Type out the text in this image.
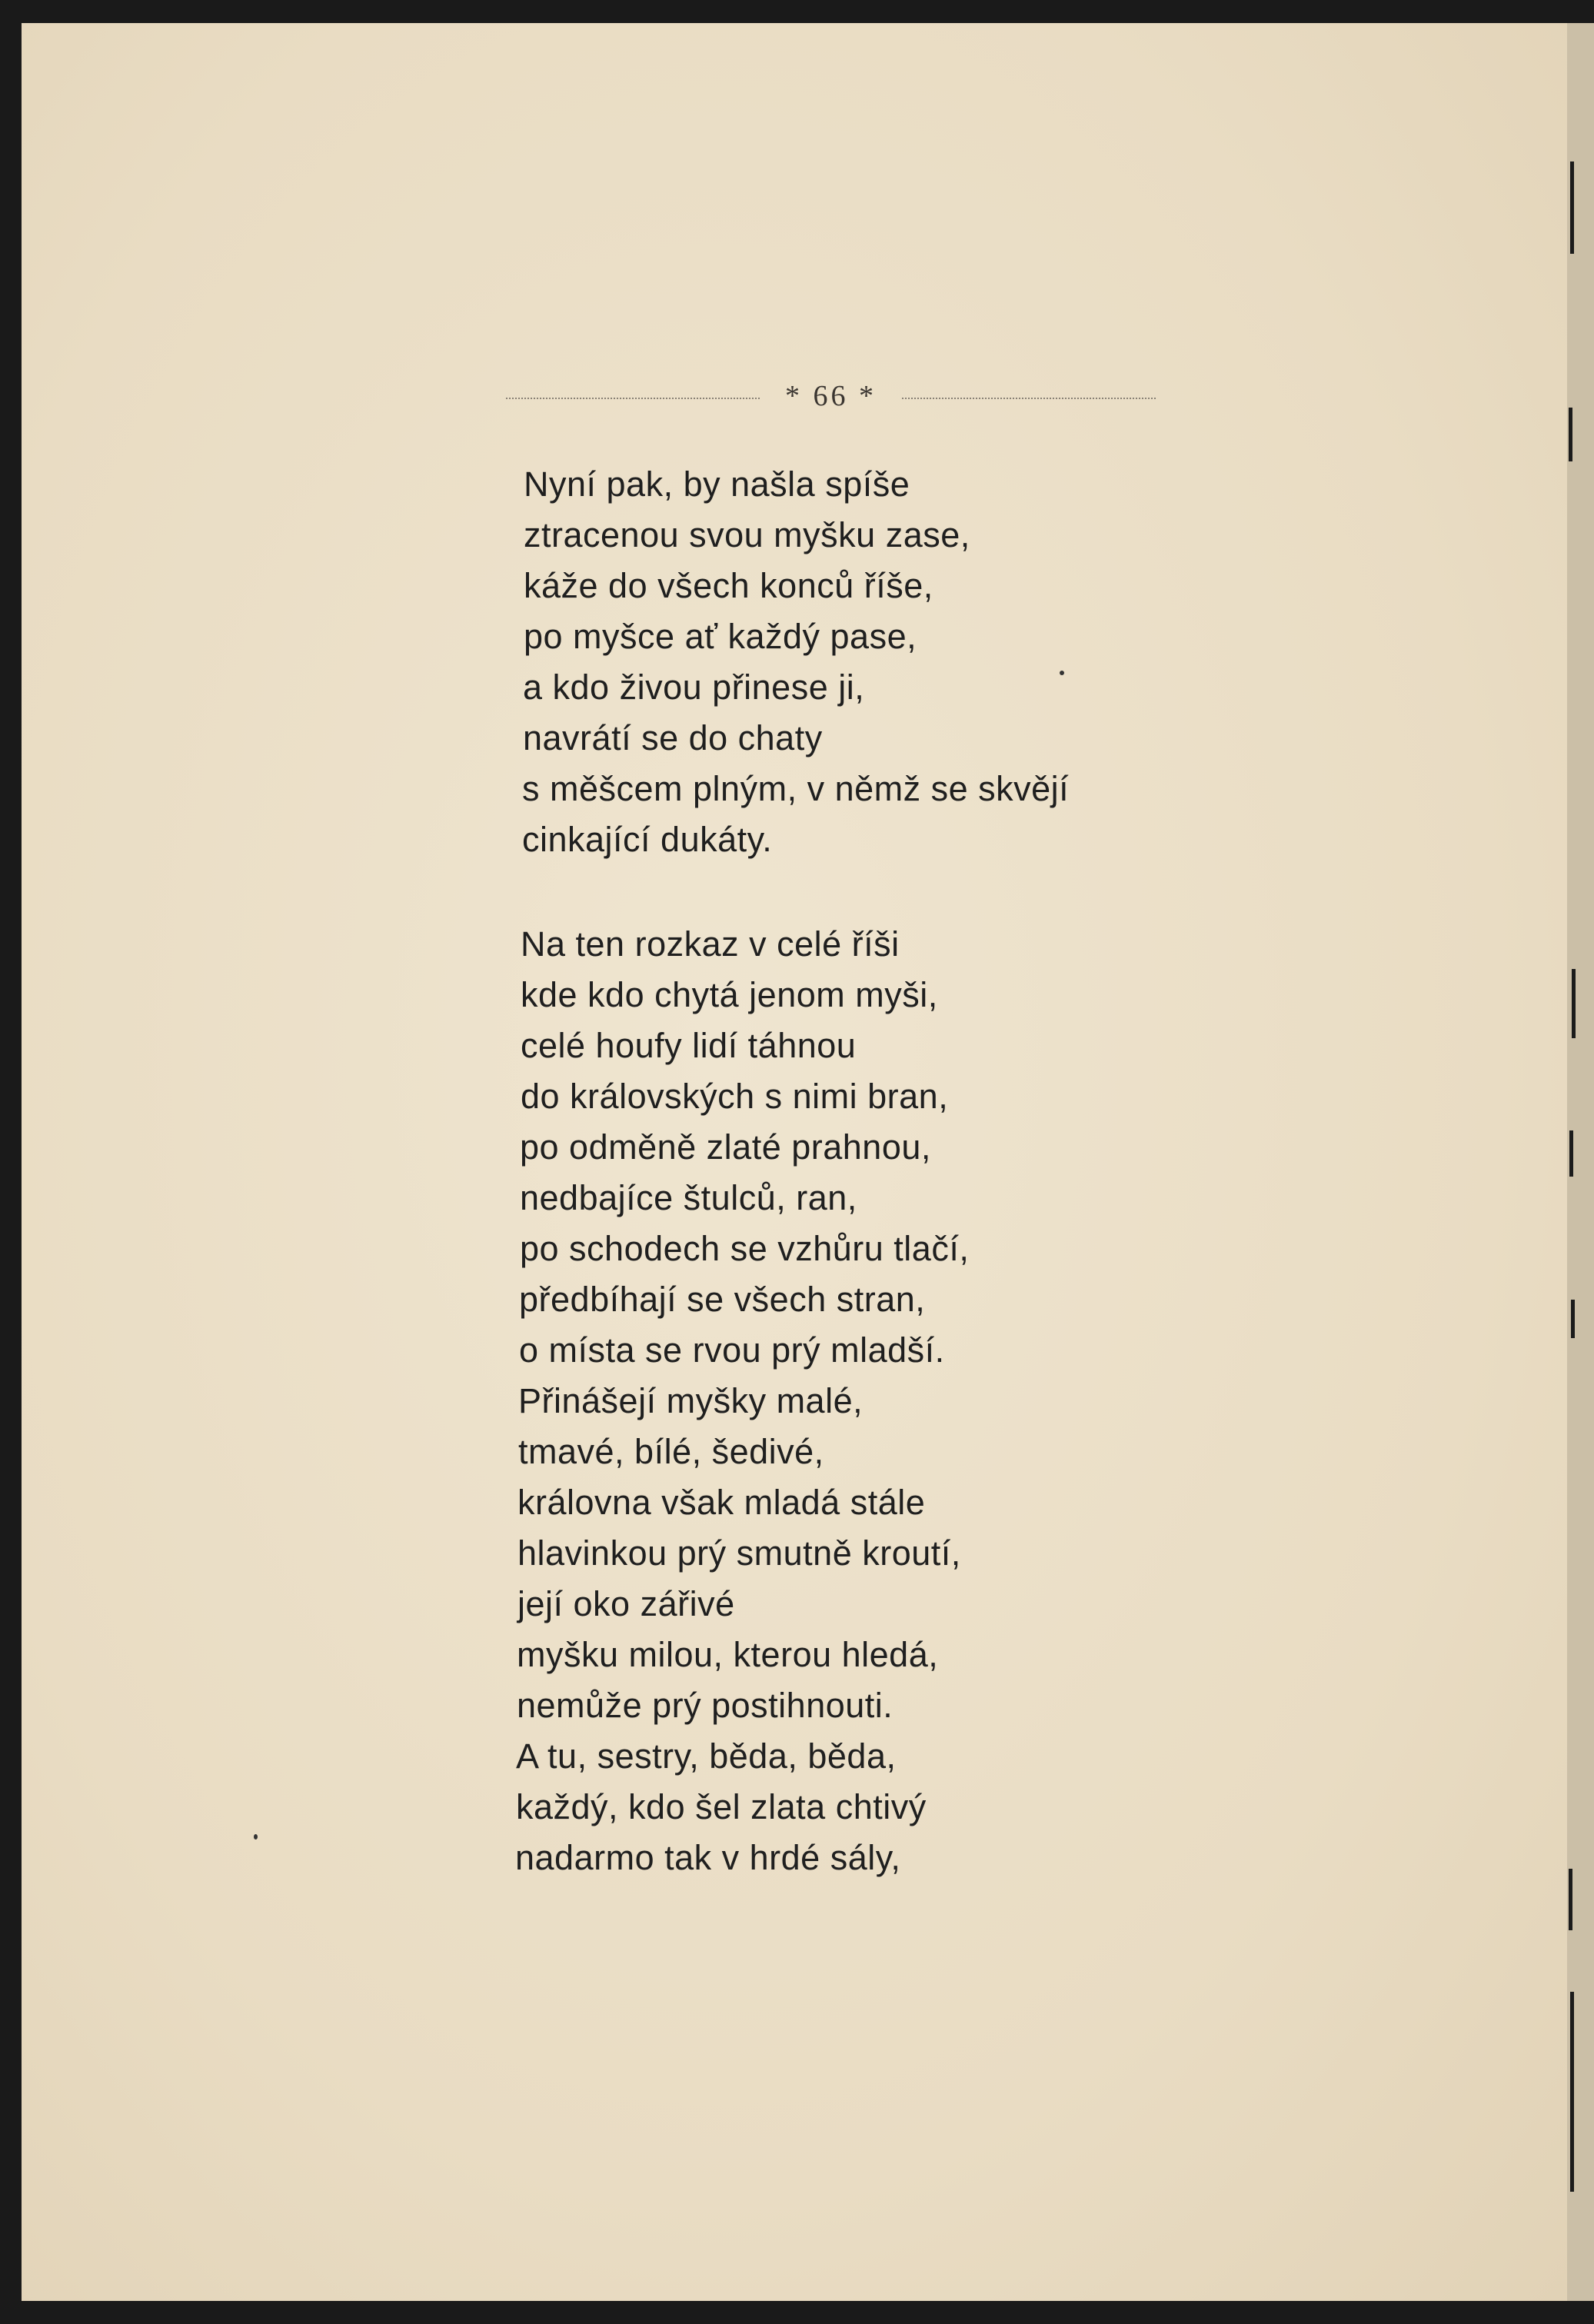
* 66 *
Nyní pak, by našla spíše
ztracenou svou myšku zase,
káže do všech konců říše,
po myšce ať každý pase,
a kdo živou přinese ji,
navrátí se do chaty
s měšcem plným, v němž se skvějí
cinkající dukáty.
Na ten rozkaz v celé říši
kde kdo chytá jenom myši,
celé houfy lidí táhnou
do královských s nimi bran,
po odměně zlaté prahnou,
nedbajíce štulců, ran,
po schodech se vzhůru tlačí,
předbíhají se všech stran,
o místa se rvou prý mladší.
Přinášejí myšky malé,
tmavé, bílé, šedivé,
královna však mladá stále
hlavinkou prý smutně kroutí,
její oko zářivé
myšku milou, kterou hledá,
nemůže prý postihnouti.
A tu, sestry, běda, běda,
každý, kdo šel zlata chtivý
nadarmo tak v hrdé sály,
